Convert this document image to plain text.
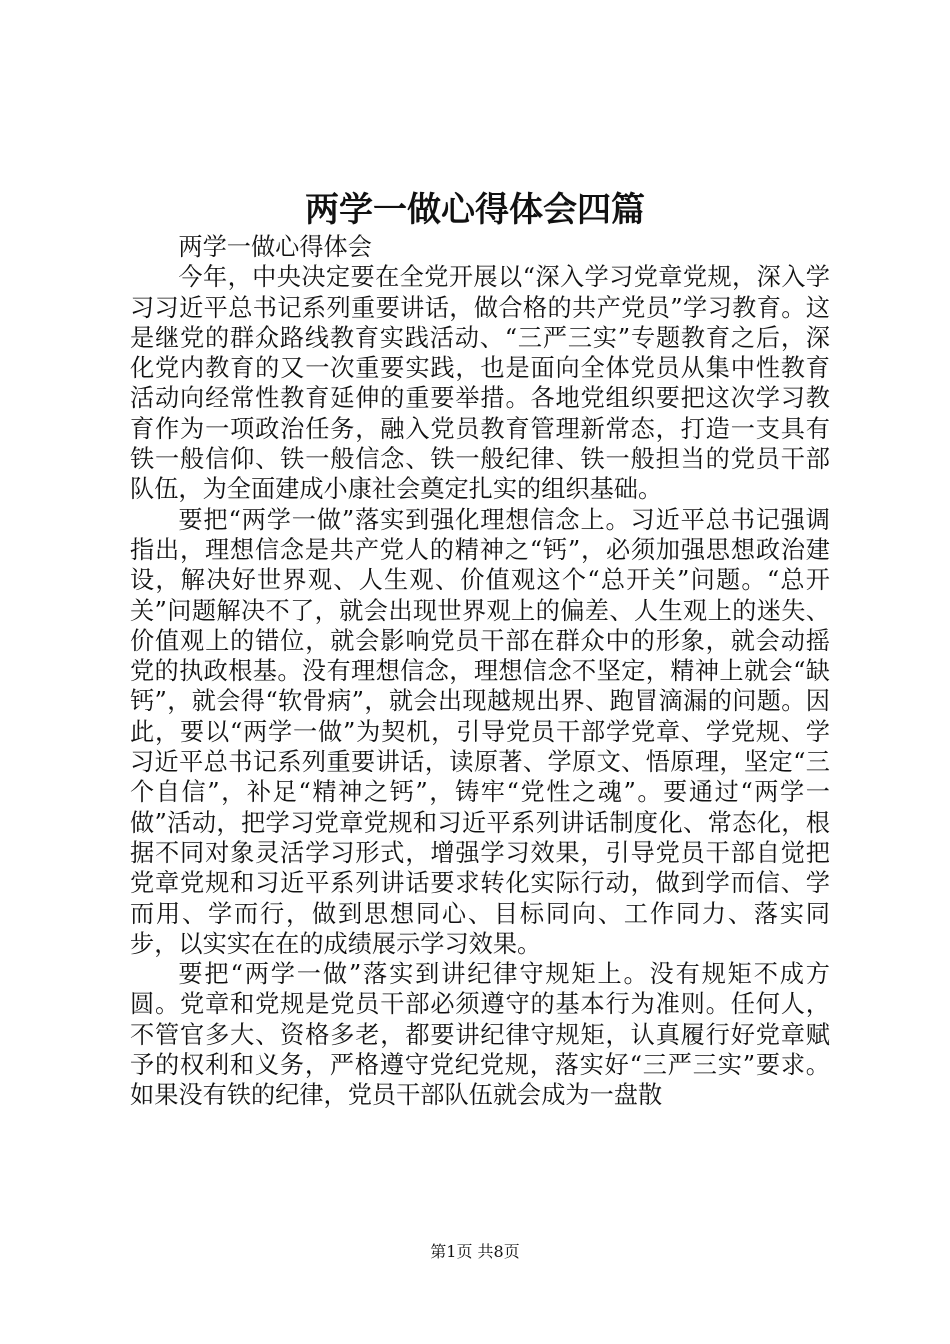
两学一做心得体会四篇

两学一做心得体会

今年，中央决定要在全党开展以“深入学习党章党规，深入学习习近平总书记系列重要讲话，做合格的共产党员”学习教育。这是继党的群众路线教育实践活动、“三严三实”专题教育之后，深化党内教育的又一次重要实践，也是面向全体党员从集中性教育活动向经常性教育延伸的重要举措。各地党组织要把这次学习教育作为一项政治任务，融入党员教育管理新常态，打造一支具有铁一般信仰、铁一般信念、铁一般纪律、铁一般担当的党员干部队伍，为全面建成小康社会奠定扎实的组织基础。

要把“两学一做”落实到强化理想信念上。习近平总书记强调指出，理想信念是共产党人的精神之“钙”，必须加强思想政治建设，解决好世界观、人生观、价值观这个“总开关”问题。“总开关”问题解决不了，就会出现世界观上的偏差、人生观上的迷失、价值观上的错位，就会影响党员干部在群众中的形象，就会动摇党的执政根基。没有理想信念，理想信念不坚定，精神上就会“缺钙”，就会得“软骨病”，就会出现越规出界、跑冒滴漏的问题。因此，要以“两学一做”为契机，引导党员干部学党章、学党规、学习近平总书记系列重要讲话，读原著、学原文、悟原理，坚定“三个自信”，补足“精神之钙”，铸牢“党性之魂”。要通过“两学一做”活动，把学习党章党规和习近平系列讲话制度化、常态化，根据不同对象灵活学习形式，增强学习效果，引导党员干部自觉把党章党规和习近平系列讲话要求转化实际行动，做到学而信、学而用、学而行，做到思想同心、目标同向、工作同力、落实同步，以实实在在的成绩展示学习效果。

要把“两学一做”落实到讲纪律守规矩上。没有规矩不成方圆。党章和党规是党员干部必须遵守的基本行为准则。任何人，不管官多大、资格多老，都要讲纪律守规矩，认真履行好党章赋予的权利和义务，严格遵守党纪党规，落实好“三严三实”要求。如果没有铁的纪律，党员干部队伍就会成为一盘散

第1页 共8页
